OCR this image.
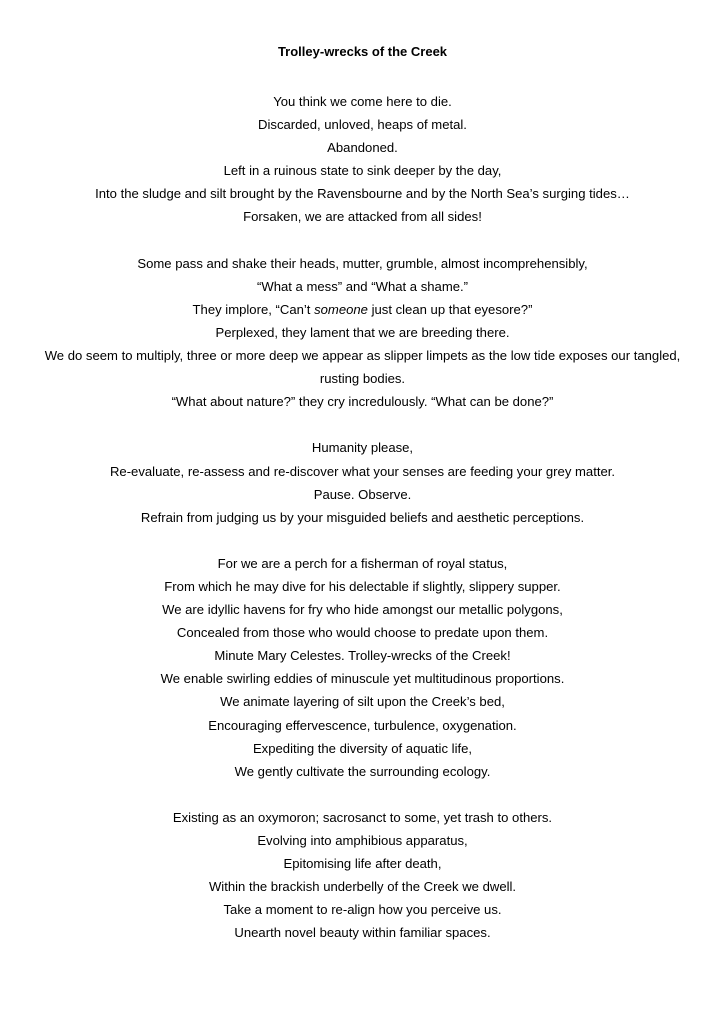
Trolley-wrecks of the Creek
You think we come here to die.
Discarded, unloved, heaps of metal.
Abandoned.
Left in a ruinous state to sink deeper by the day,
Into the sludge and silt brought by the Ravensbourne and by the North Sea’s surging tides…
Forsaken, we are attacked from all sides!
Some pass and shake their heads, mutter, grumble, almost incomprehensibly,
“What a mess” and “What a shame.”
They implore, “Can’t someone just clean up that eyesore?”
Perplexed, they lament that we are breeding there.
We do seem to multiply, three or more deep we appear as slipper limpets as the low tide exposes our tangled, rusting bodies.
“What about nature?” they cry incredulously. “What can be done?”
Humanity please,
Re-evaluate, re-assess and re-discover what your senses are feeding your grey matter.
Pause. Observe.
Refrain from judging us by your misguided beliefs and aesthetic perceptions.
For we are a perch for a fisherman of royal status,
From which he may dive for his delectable if slightly, slippery supper.
We are idyllic havens for fry who hide amongst our metallic polygons,
Concealed from those who would choose to predate upon them.
Minute Mary Celestes. Trolley-wrecks of the Creek!
We enable swirling eddies of minuscule yet multitudinous proportions.
We animate layering of silt upon the Creek’s bed,
Encouraging effervescence, turbulence, oxygenation.
Expediting the diversity of aquatic life,
We gently cultivate the surrounding ecology.
Existing as an oxymoron; sacrosanct to some, yet trash to others.
Evolving into amphibious apparatus,
Epitomising life after death,
Within the brackish underbelly of the Creek we dwell.
Take a moment to re-align how you perceive us.
Unearth novel beauty within familiar spaces.
